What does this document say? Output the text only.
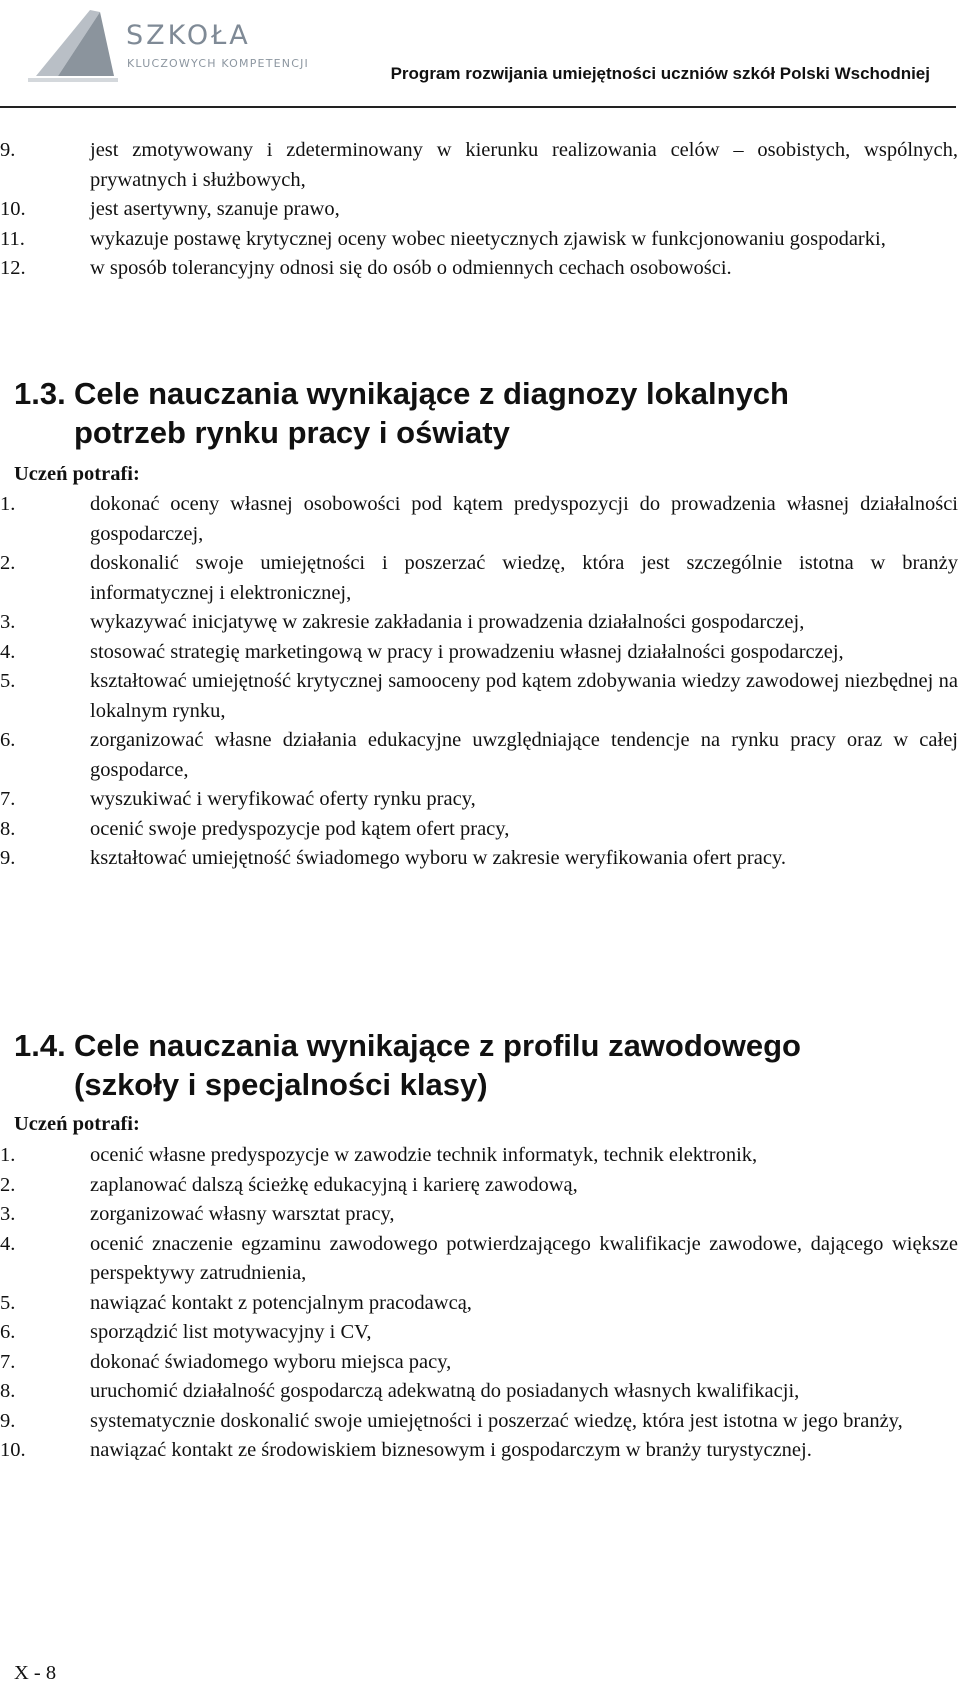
SZKOŁA
KLUCZOWYCH KOMPETENCJI
Program rozwijania umiejętności uczniów szkół Polski Wschodniej
9.	jest zmotywowany i zdeterminowany w kierunku realizowania celów – osobistych, wspólnych, prywatnych i służbowych,
10.	jest asertywny, szanuje prawo,
11.	wykazuje postawę krytycznej oceny wobec nieetycznych zjawisk w funkcjonowaniu gospodarki,
12.	w sposób tolerancyjny odnosi się do osób o odmiennych cechach osobowości.
1.3. Cele nauczania wynikające z diagnozy lokalnych potrzeb rynku pracy i oświaty
Uczeń potrafi:
1.	dokonać oceny własnej osobowości pod kątem predyspozycji do prowadzenia własnej działalności gospodarczej,
2.	doskonalić swoje umiejętności i poszerzać wiedzę, która jest szczególnie istotna w branży informatycznej i elektronicznej,
3.	wykazywać inicjatywę w zakresie zakładania i prowadzenia działalności gospodarczej,
4.	stosować strategię marketingową w pracy i prowadzeniu własnej działalności gospodarczej,
5.	kształtować umiejętność krytycznej samooceny pod kątem zdobywania wiedzy zawodowej niezbędnej na lokalnym rynku,
6.	zorganizować własne działania edukacyjne uwzględniające tendencje na rynku pracy oraz w całej gospodarce,
7.	wyszukiwać i weryfikować oferty rynku pracy,
8.	ocenić swoje predyspozycje pod kątem ofert pracy,
9.	kształtować umiejętność świadomego wyboru w zakresie weryfikowania ofert pracy.
1.4. Cele nauczania wynikające z profilu zawodowego (szkoły i specjalności klasy)
Uczeń potrafi:
1.	ocenić własne predyspozycje w zawodzie technik informatyk, technik elektronik,
2.	zaplanować dalszą ścieżkę edukacyjną i karierę zawodową,
3.	zorganizować własny warsztat pracy,
4.	ocenić znaczenie egzaminu zawodowego potwierdzającego kwalifikacje zawodowe, dającego większe perspektywy zatrudnienia,
5.	nawiązać kontakt z potencjalnym pracodawcą,
6.	sporządzić list motywacyjny i CV,
7.	dokonać świadomego wyboru miejsca pacy,
8.	uruchomić działalność gospodarczą adekwatną do posiadanych własnych kwalifikacji,
9.	systematycznie doskonalić swoje umiejętności i poszerzać wiedzę, która jest istotna w jego branży,
10.	nawiązać kontakt ze środowiskiem biznesowym i gospodarczym w branży turystycznej.
X - 8
